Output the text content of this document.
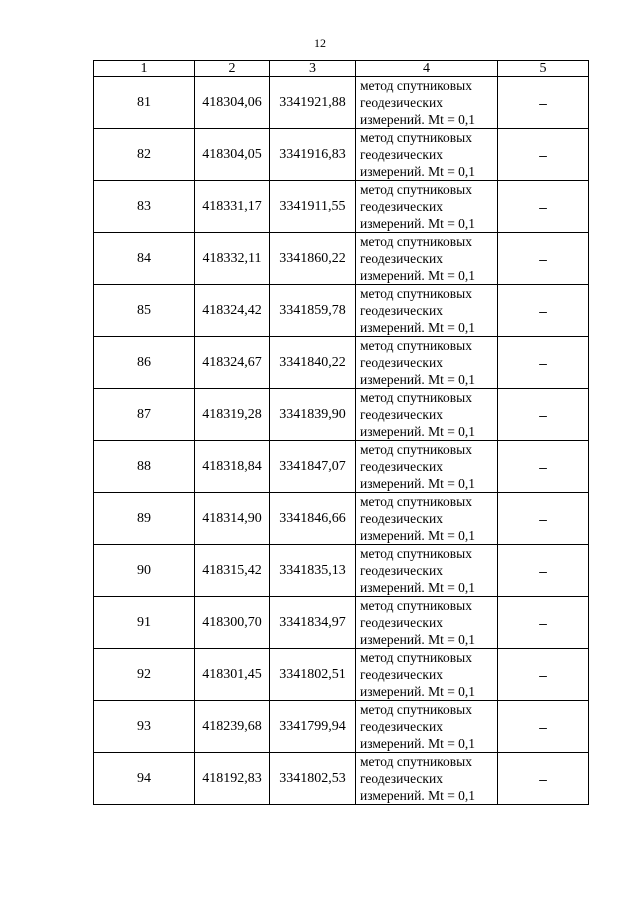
12
1	2	3	4	5
81	418304,06	3341921,88	метод спутниковых геодезических измерений. Mt = 0,1	–
82	418304,05	3341916,83	метод спутниковых геодезических измерений. Mt = 0,1	–
83	418331,17	3341911,55	метод спутниковых геодезических измерений. Mt = 0,1	–
84	418332,11	3341860,22	метод спутниковых геодезических измерений. Mt = 0,1	–
85	418324,42	3341859,78	метод спутниковых геодезических измерений. Mt = 0,1	–
86	418324,67	3341840,22	метод спутниковых геодезических измерений. Mt = 0,1	–
87	418319,28	3341839,90	метод спутниковых геодезических измерений. Mt = 0,1	–
88	418318,84	3341847,07	метод спутниковых геодезических измерений. Mt = 0,1	–
89	418314,90	3341846,66	метод спутниковых геодезических измерений. Mt = 0,1	–
90	418315,42	3341835,13	метод спутниковых геодезических измерений. Mt = 0,1	–
91	418300,70	3341834,97	метод спутниковых геодезических измерений. Mt = 0,1	–
92	418301,45	3341802,51	метод спутниковых геодезических измерений. Mt = 0,1	–
93	418239,68	3341799,94	метод спутниковых геодезических измерений. Mt = 0,1	–
94	418192,83	3341802,53	метод спутниковых геодезических измерений. Mt = 0,1	–
